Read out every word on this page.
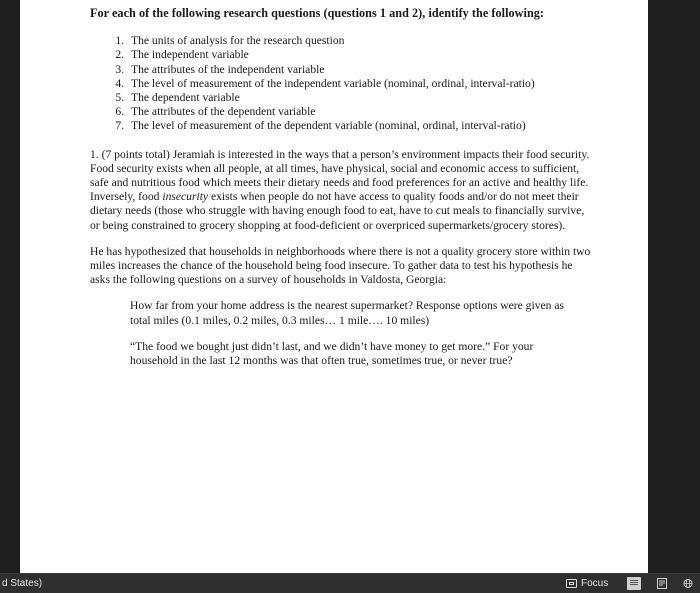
For each of the following research questions (questions 1 and 2), identify the following:
1. The units of analysis for the research question
2. The independent variable
3. The attributes of the independent variable
4. The level of measurement of the independent variable (nominal, ordinal, interval-ratio)
5. The dependent variable
6. The attributes of the dependent variable
7. The level of measurement of the dependent variable (nominal, ordinal, interval-ratio)
1. (7 points total) Jeramiah is interested in the ways that a person’s environment impacts their food security. Food security exists when all people, at all times, have physical, social and economic access to sufficient, safe and nutritious food which meets their dietary needs and food preferences for an active and healthy life. Inversely, food insecurity exists when people do not have access to quality foods and/or do not meet their dietary needs (those who struggle with having enough food to eat, have to cut meals to financially survive, or being constrained to grocery shopping at food-deficient or overpriced supermarkets/grocery stores).
He has hypothesized that households in neighborhoods where there is not a quality grocery store within two miles increases the chance of the household being food insecure. To gather data to test his hypothesis he asks the following questions on a survey of households in Valdosta, Georgia:
How far from your home address is the nearest supermarket? Response options were given as total miles (0.1 miles, 0.2 miles, 0.3 miles… 1 mile…. 10 miles)
“The food we bought just didn’t last, and we didn’t have money to get more.” For your household in the last 12 months was that often true, sometimes true, or never true?
d States)	Focus
